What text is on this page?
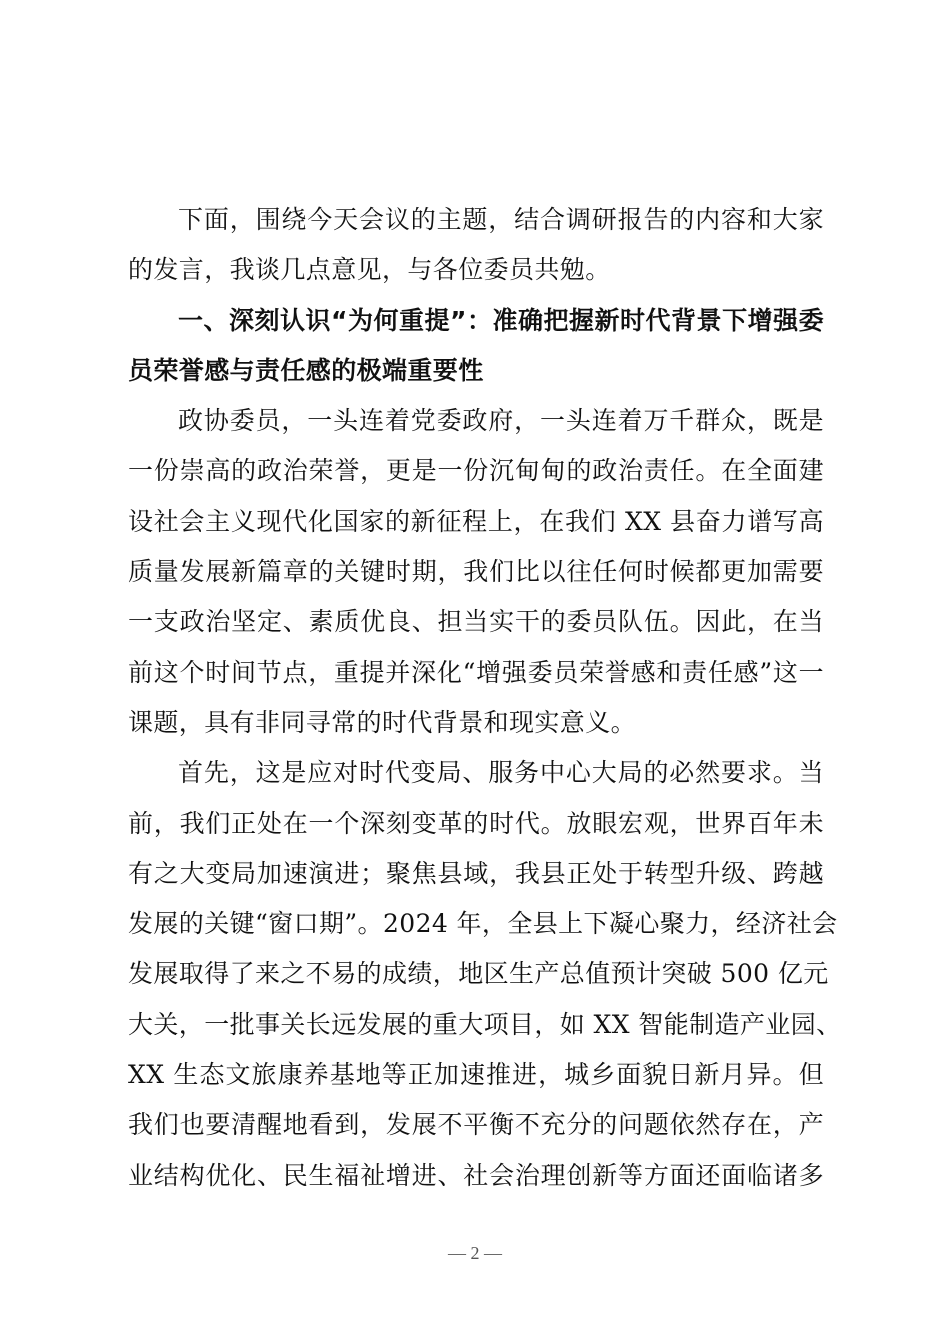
下面，围绕今天会议的主题，结合调研报告的内容和大家
的发言，我谈几点意见，与各位委员共勉。

一、深刻认识“为何重提”：准确把握新时代背景下增强委
员荣誉感与责任感的极端重要性

政协委员，一头连着党委政府，一头连着万千群众，既是
一份崇高的政治荣誉，更是一份沉甸甸的政治责任。在全面建
设社会主义现代化国家的新征程上，在我们 XX 县奋力谱写高
质量发展新篇章的关键时期，我们比以往任何时候都更加需要
一支政治坚定、素质优良、担当实干的委员队伍。因此，在当
前这个时间节点，重提并深化“增强委员荣誉感和责任感”这一
课题，具有非同寻常的时代背景和现实意义。

首先，这是应对时代变局、服务中心大局的必然要求。当
前，我们正处在一个深刻变革的时代。放眼宏观，世界百年未
有之大变局加速演进；聚焦县域，我县正处于转型升级、跨越
发展的关键“窗口期”。2024 年，全县上下凝心聚力，经济社会
发展取得了来之不易的成绩，地区生产总值预计突破 500 亿元
大关，一批事关长远发展的重大项目，如 XX 智能制造产业园、
XX 生态文旅康养基地等正加速推进，城乡面貌日新月异。但
我们也要清醒地看到，发展不平衡不充分的问题依然存在，产
业结构优化、民生福祉增进、社会治理创新等方面还面临诸多

— 2 —
